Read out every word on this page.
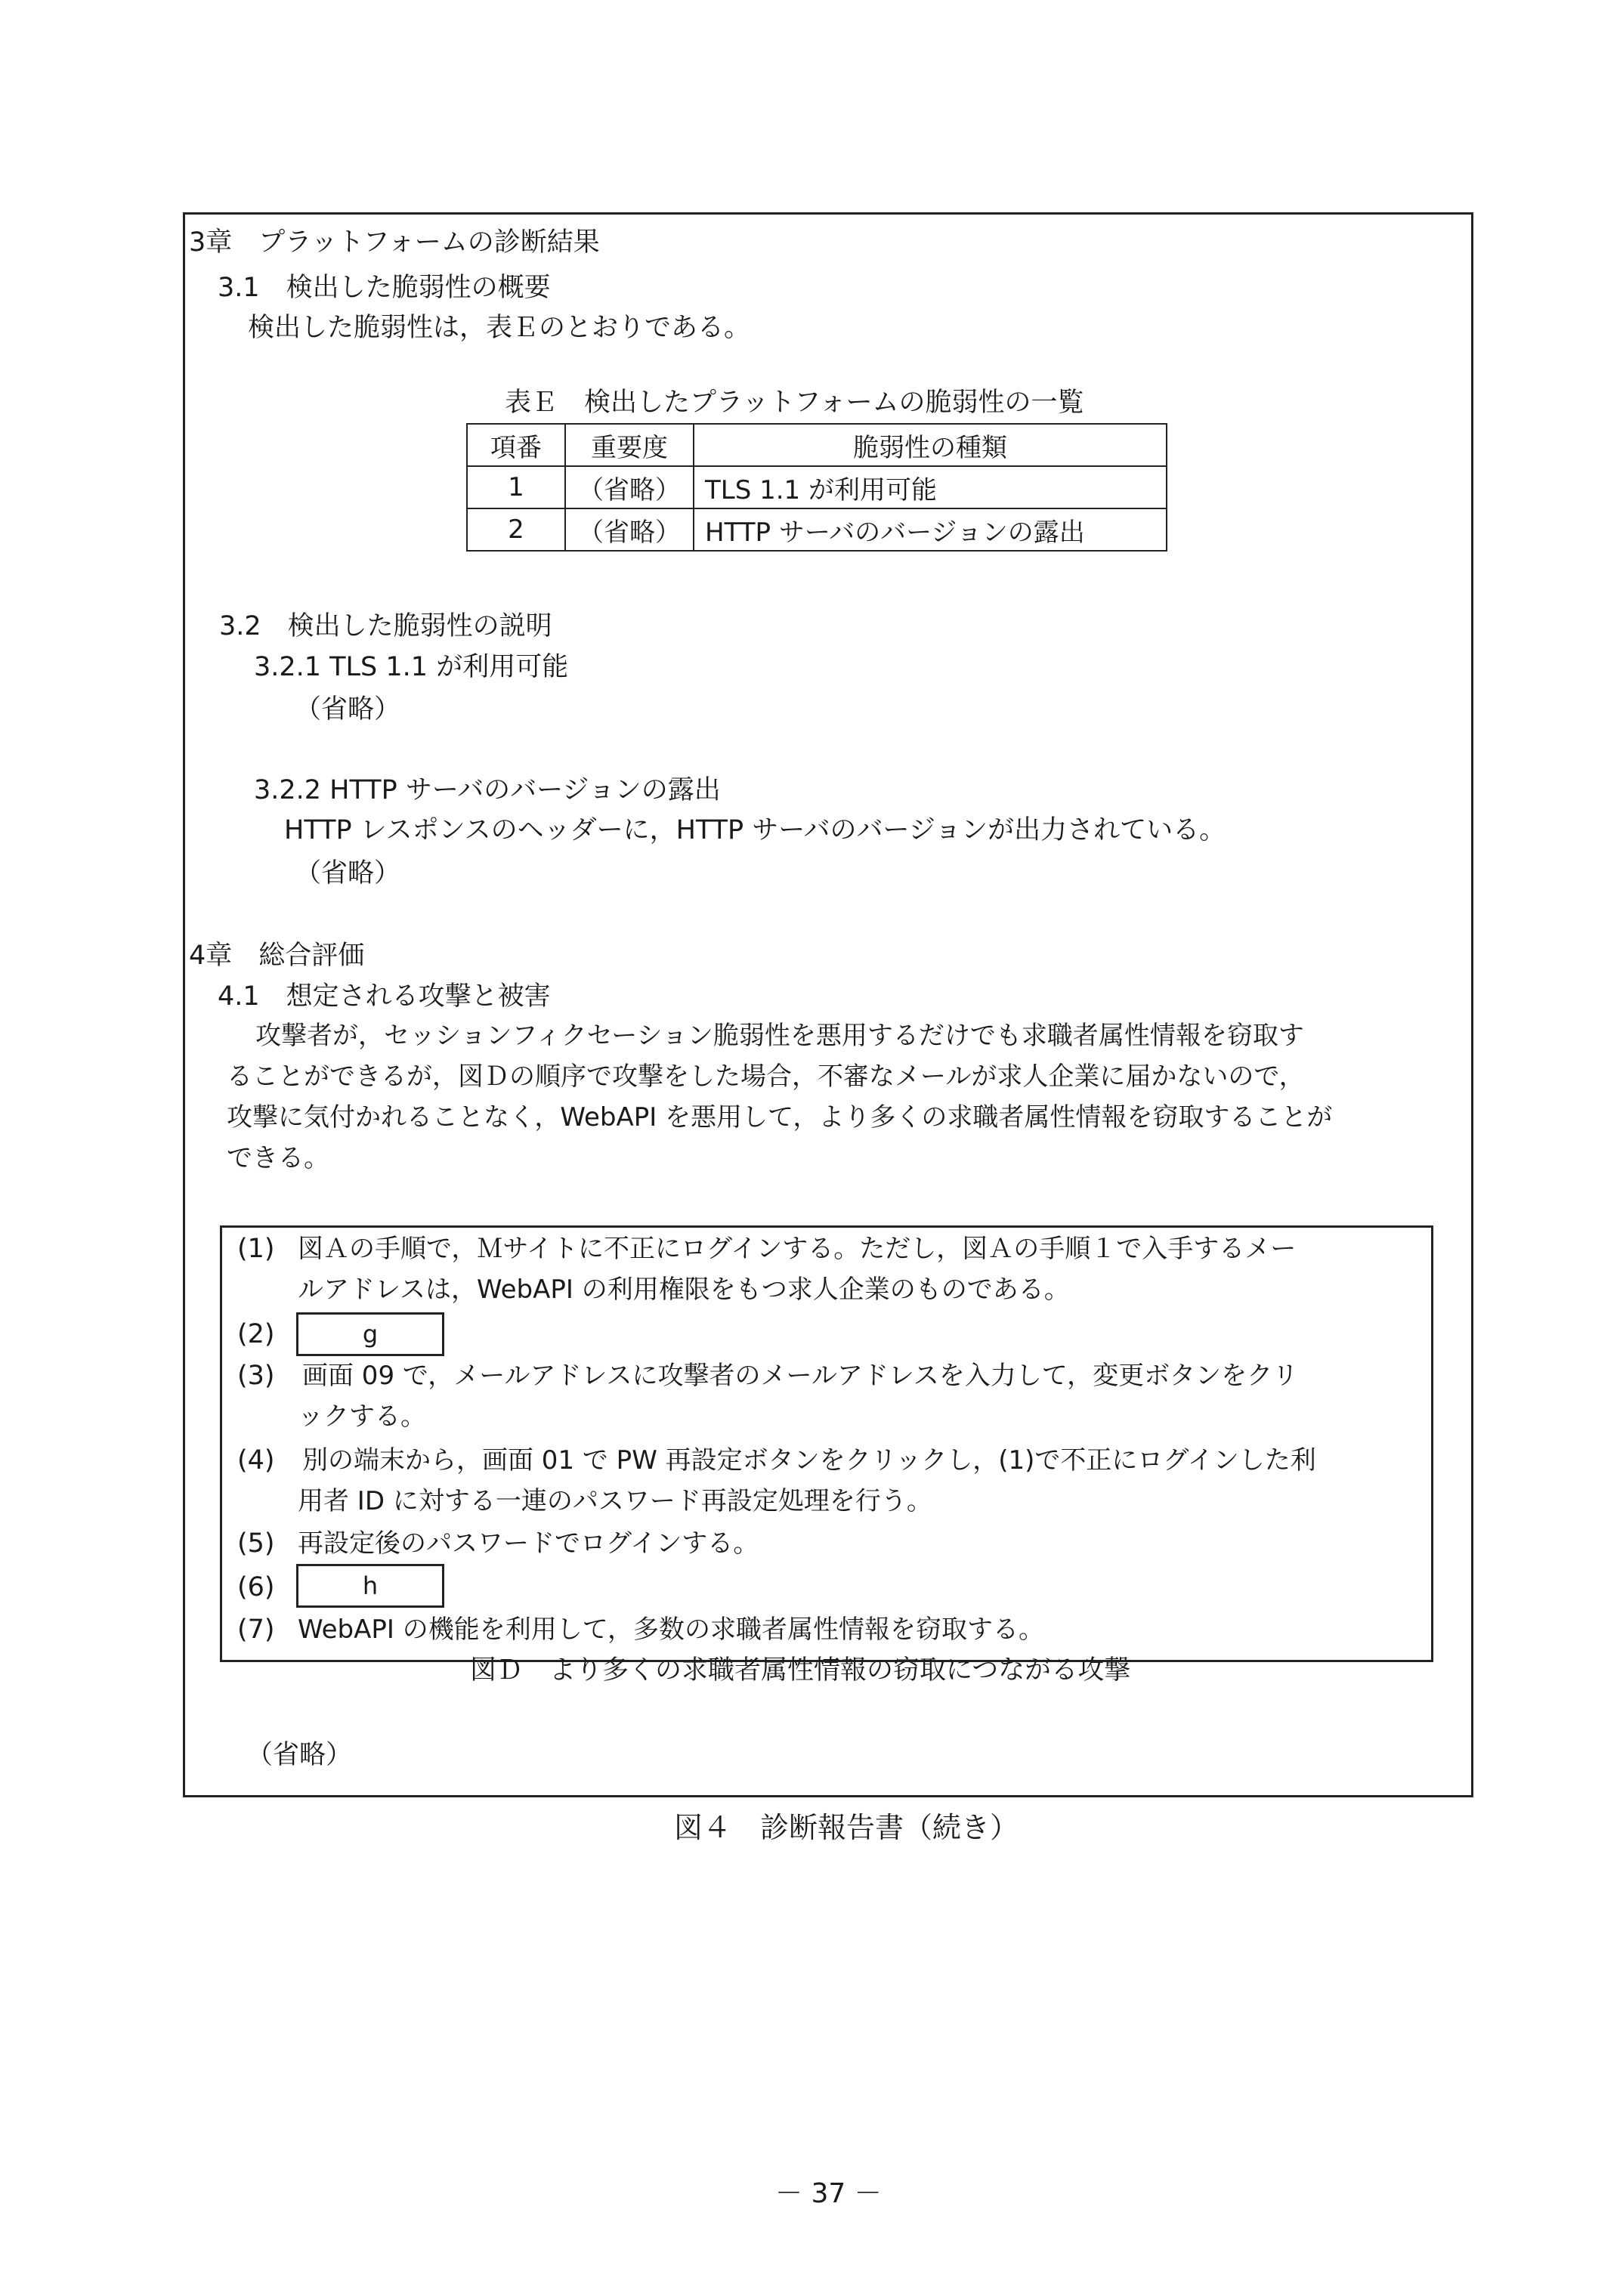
3章　プラットフォームの診断結果
3.1　検出した脆弱性の概要
検出した脆弱性は，表Ｅのとおりである。
表Ｅ　検出したプラットフォームの脆弱性の一覧
項番	重要度	脆弱性の種類
1	（省略）	TLS 1.1 が利用可能
2	（省略）	HTTP サーバのバージョンの露出
3.2　検出した脆弱性の説明
3.2.1 TLS 1.1 が利用可能
（省略）
3.2.2 HTTP サーバのバージョンの露出
HTTP レスポンスのヘッダーに，HTTP サーバのバージョンが出力されている。
（省略）
4章　総合評価
4.1　想定される攻撃と被害
攻撃者が，セッションフィクセーション脆弱性を悪用するだけでも求職者属性情報を窃取す
ることができるが，図Ｄの順序で攻撃をした場合，不審なメールが求人企業に届かないので，
攻撃に気付かれることなく，WebAPI を悪用して，より多くの求職者属性情報を窃取することが
できる。
(1) 図Ａの手順で，Ｍサイトに不正にログインする。ただし，図Ａの手順１で入手するメー
ルアドレスは，WebAPI の利用権限をもつ求人企業のものである。
(2)	g
(3) 画面 09 で，メールアドレスに攻撃者のメールアドレスを入力して，変更ボタンをクリ
ックする。
(4) 別の端末から，画面 01 で PW 再設定ボタンをクリックし，(1)で不正にログインした利
用者 ID に対する一連のパスワード再設定処理を行う。
(5) 再設定後のパスワードでログインする。
(6)	h
(7) WebAPI の機能を利用して，多数の求職者属性情報を窃取する。
図Ｄ　より多くの求職者属性情報の窃取につながる攻撃
（省略）
図４　診断報告書（続き）
－ 37 －
